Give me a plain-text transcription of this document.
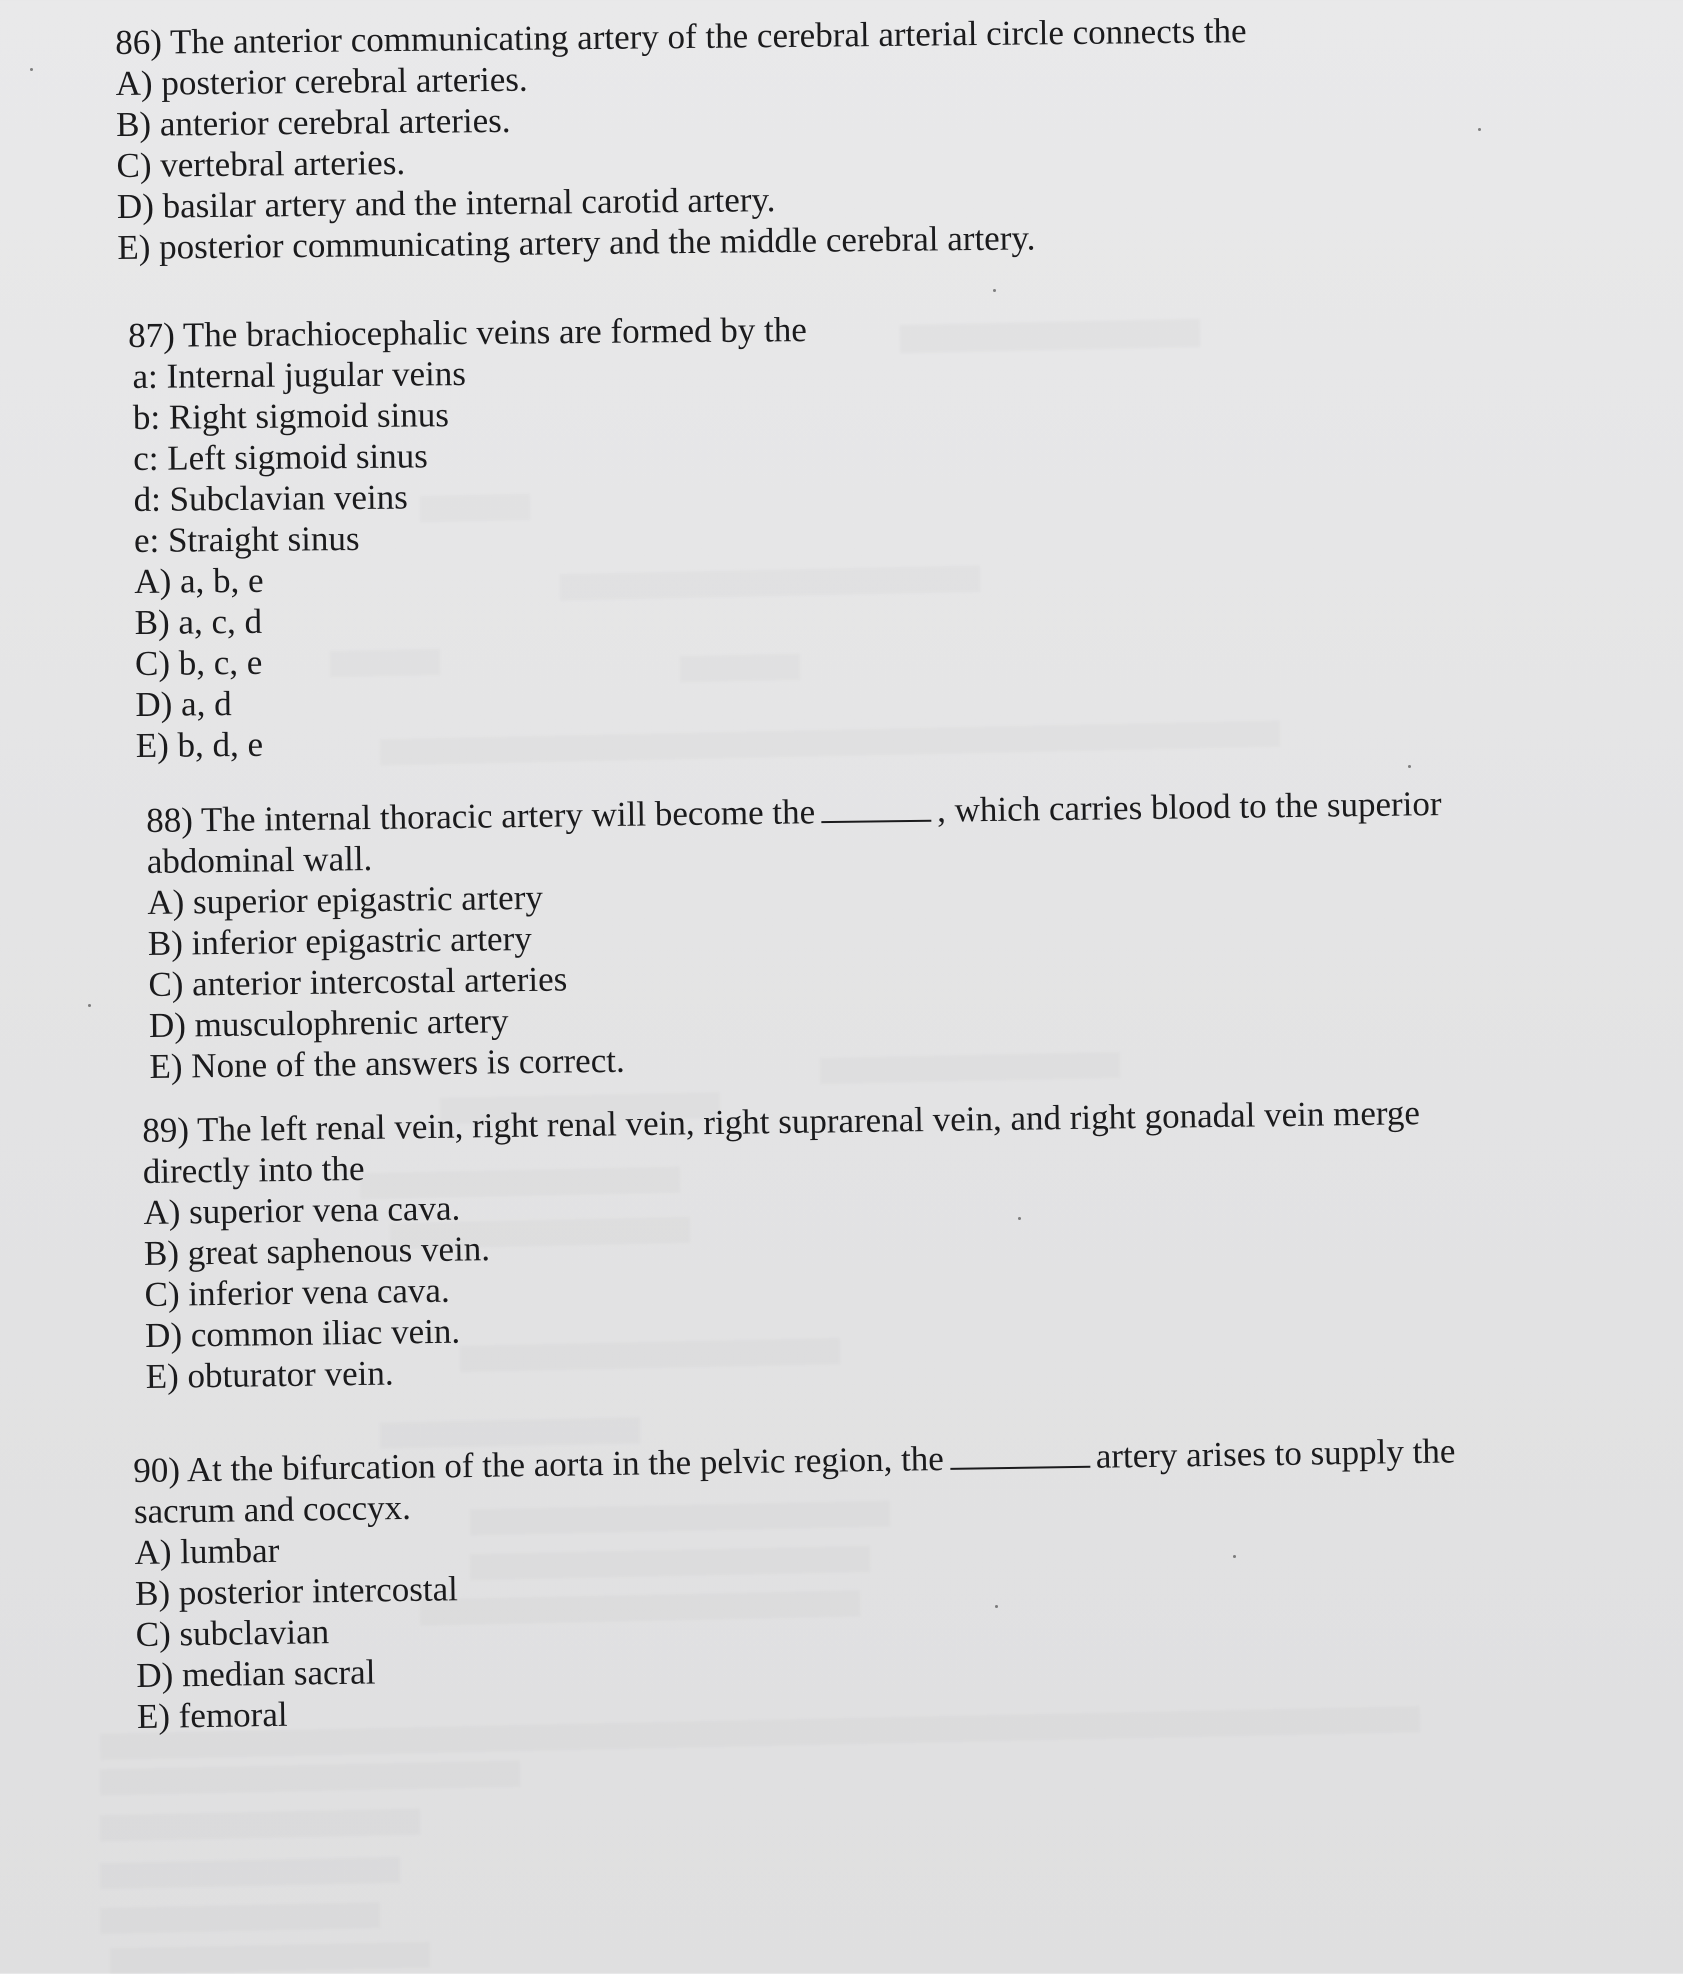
86) The anterior communicating artery of the cerebral arterial circle connects the
A) posterior cerebral arteries.
B) anterior cerebral arteries.
C) vertebral arteries.
D) basilar artery and the internal carotid artery.
E) posterior communicating artery and the middle cerebral artery.
87) The brachiocephalic veins are formed by the
a: Internal jugular veins
b: Right sigmoid sinus
c: Left sigmoid sinus
d: Subclavian veins
e: Straight sinus
A) a, b, e
B) a, c, d
C) b, c, e
D) a, d
E) b, d, e
88) The internal thoracic artery will become the	, which carries blood to the superior
abdominal wall.
A) superior epigastric artery
B) inferior epigastric artery
C) anterior intercostal arteries
D) musculophrenic artery
E) None of the answers is correct.
89) The left renal vein, right renal vein, right suprarenal vein, and right gonadal vein merge
directly into the
A) superior vena cava.
B) great saphenous vein.
C) inferior vena cava.
D) common iliac vein.
E) obturator vein.
90) At the bifurcation of the aorta in the pelvic region, the	artery arises to supply the
sacrum and coccyx.
A) lumbar
B) posterior intercostal
C) subclavian
D) median sacral
E) femoral
